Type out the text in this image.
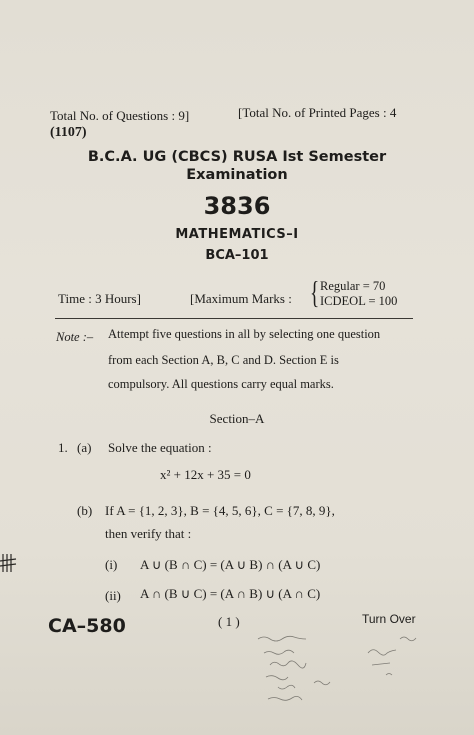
Total No. of Questions : 9]	[Total No. of Printed Pages : 4
(1107)
B.C.A. UG (CBCS) RUSA Ist Semester
Examination
3836
MATHEMATICS–I
BCA–101
Time : 3 Hours]	[Maximum Marks : { Regular = 70
ICDEOL = 100
Note :– Attempt five questions in all by selecting one question
from each Section A, B, C and D. Section E is
compulsory. All questions carry equal marks.
Section–A
1. (a) Solve the equation :
x² + 12x + 35 = 0
(b) If A = {1, 2, 3}, B = {4, 5, 6}, C = {7, 8, 9},
then verify that :
(i) A ∪ (B ∩ C) = (A ∪ B) ∩ (A ∪ C)
(ii) A ∩ (B ∪ C) = (A ∩ B) ∪ (A ∩ C)
CA–580	( 1 )	Turn Over
